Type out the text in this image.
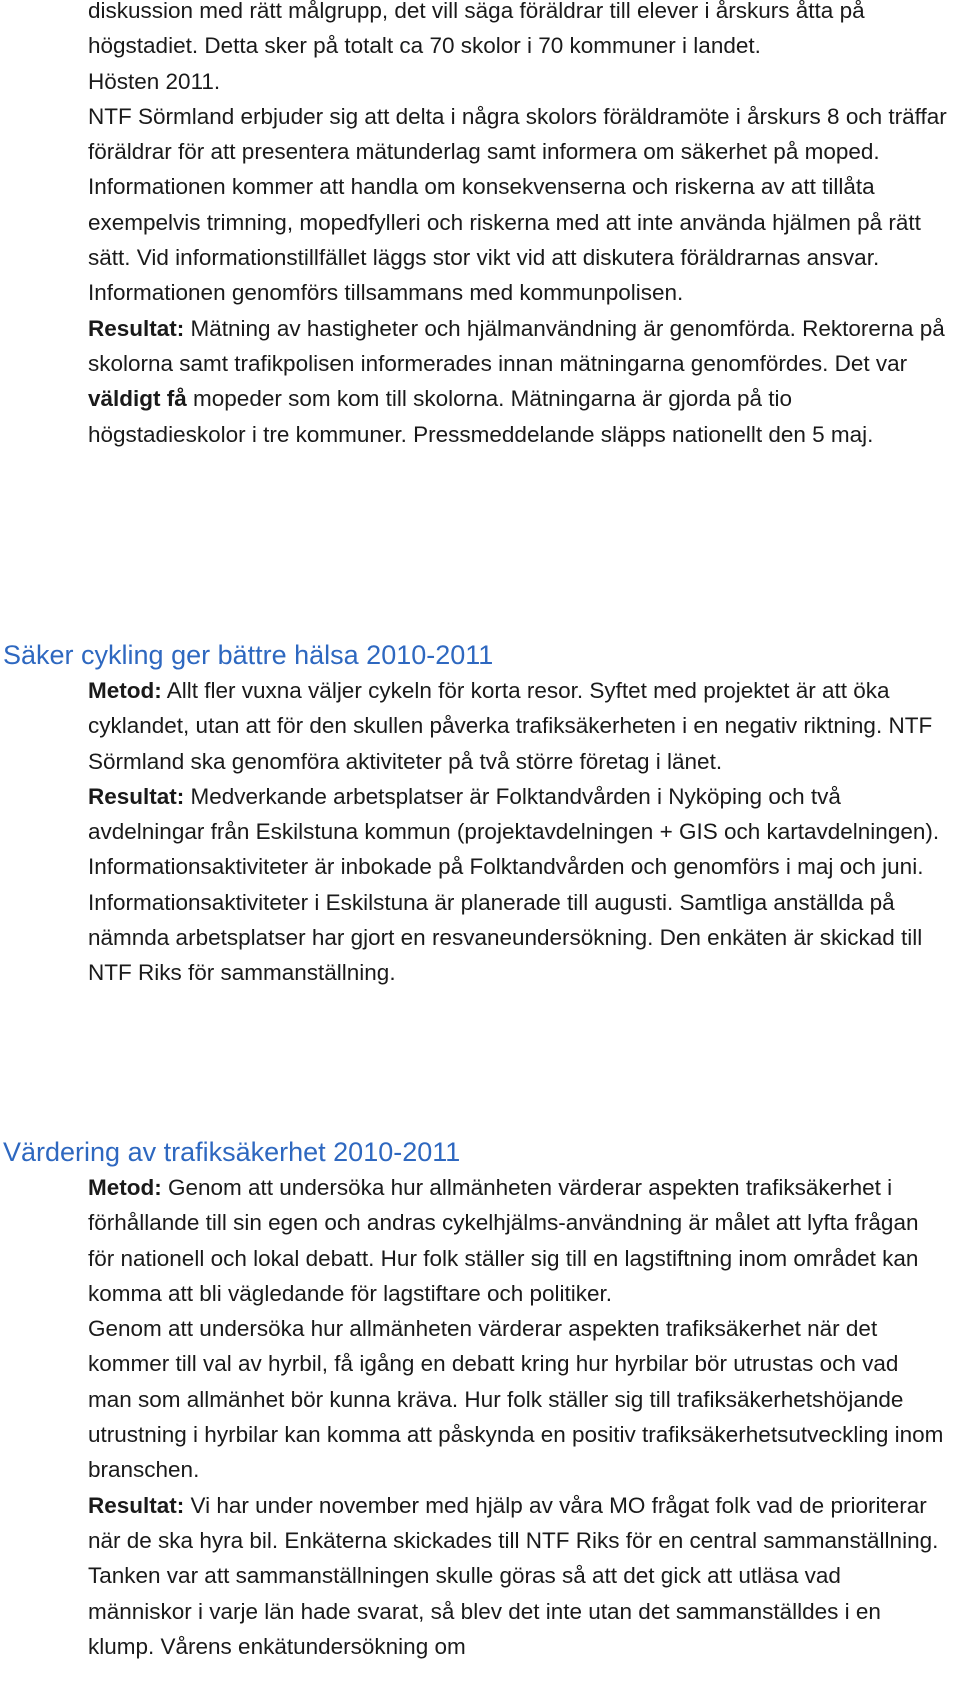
diskussion med rätt målgrupp, det vill säga föräldrar till elever i årskurs åtta på högstadiet. Detta sker på totalt ca 70 skolor i 70 kommuner i landet.

Hösten 2011.

NTF Sörmland erbjuder sig att delta i några skolors föräldramöte i årskurs 8 och träffar föräldrar för att presentera mätunderlag samt informera om säkerhet på moped. Informationen kommer att handla om konsekvenserna och riskerna av att tillåta exempelvis trimning, mopedfylleri och riskerna med att inte använda hjälmen på rätt sätt. Vid informationstillfället läggs stor vikt vid att diskutera föräldrarnas ansvar. Informationen genomförs tillsammans med kommunpolisen.

Resultat: Mätning av hastigheter och hjälmanvändning är genomförda. Rektorerna på skolorna samt trafikpolisen informerades innan mätningarna genomfördes. Det var väldigt få mopeder som kom till skolorna. Mätningarna är gjorda på tio högstadieskolor i tre kommuner. Pressmeddelande släpps nationellt den 5 maj.

Säker cykling ger bättre hälsa 2010-2011

Metod: Allt fler vuxna väljer cykeln för korta resor. Syftet med projektet är att öka cyklandet, utan att för den skullen påverka trafiksäkerheten i en negativ riktning. NTF Sörmland ska genomföra aktiviteter på två större företag i länet.

Resultat: Medverkande arbetsplatser är Folktandvården i Nyköping och två avdelningar från Eskilstuna kommun (projektavdelningen + GIS och kartavdelningen). Informationsaktiviteter är inbokade på Folktandvården och genomförs i maj och juni. Informationsaktiviteter i Eskilstuna är planerade till augusti. Samtliga anställda på nämnda arbetsplatser har gjort en resvaneundersökning. Den enkäten är skickad till NTF Riks för sammanställning.

Värdering av trafiksäkerhet 2010-2011

Metod: Genom att undersöka hur allmänheten värderar aspekten trafiksäkerhet i förhållande till sin egen och andras cykelhjälms-användning är målet att lyfta frågan för nationell och lokal debatt. Hur folk ställer sig till en lagstiftning inom området kan komma att bli vägledande för lagstiftare och politiker.

Genom att undersöka hur allmänheten värderar aspekten trafiksäkerhet när det kommer till val av hyrbil, få igång en debatt kring hur hyrbilar bör utrustas och vad man som allmänhet bör kunna kräva. Hur folk ställer sig till trafiksäkerhetshöjande utrustning i hyrbilar kan komma att påskynda en positiv trafiksäkerhetsutveckling inom branschen.

Resultat: Vi har under november med hjälp av våra MO frågat folk vad de prioriterar när de ska hyra bil. Enkäterna skickades till NTF Riks för en central sammanställning. Tanken var att sammanställningen skulle göras så att det gick att utläsa vad människor i varje län hade svarat, så blev det inte utan det sammanställdes i en klump. Vårens enkätundersökning om
